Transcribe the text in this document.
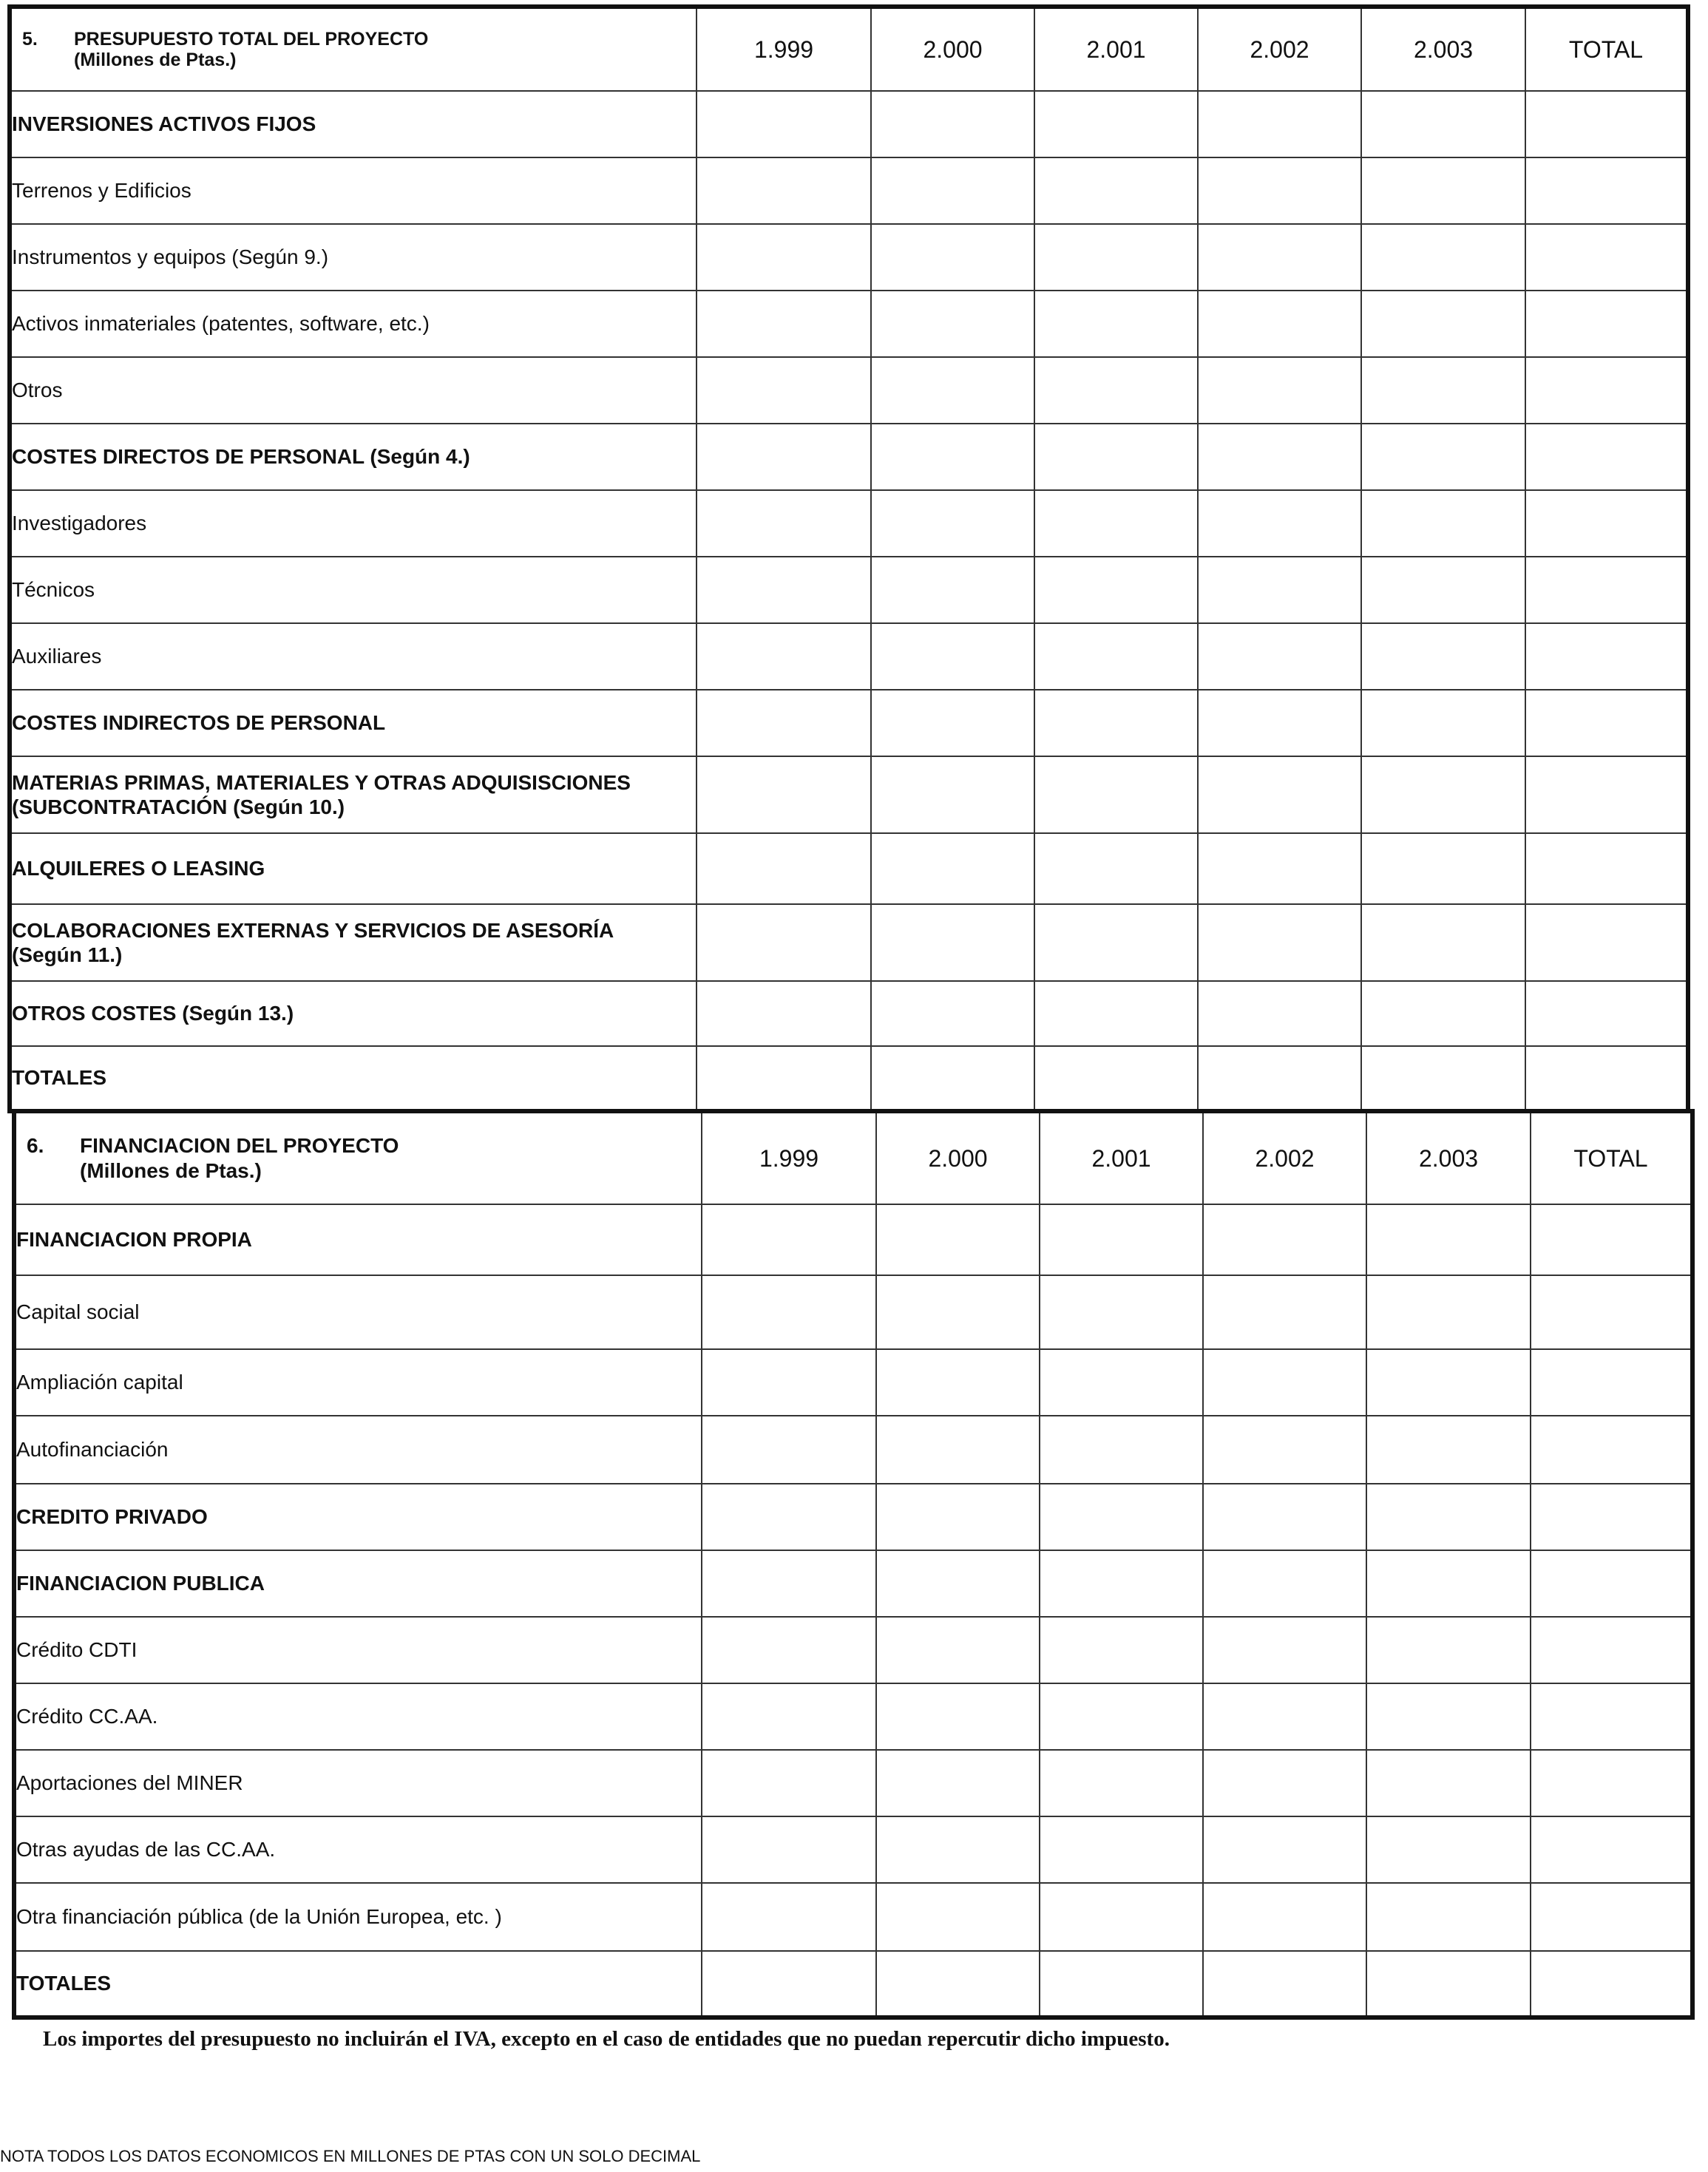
5. PRESUPUESTO TOTAL DEL PROYECTO
(Millones de Ptas.)	1.999	2.000	2.001	2.002	2.003	TOTAL
INVERSIONES ACTIVOS FIJOS						
Terrenos y Edificios						
Instrumentos y equipos (Según 9.)						
Activos inmateriales (patentes, software, etc.)						
Otros						
COSTES DIRECTOS DE PERSONAL (Según 4.)						
Investigadores						
Técnicos						
Auxiliares						
COSTES INDIRECTOS DE PERSONAL						
MATERIAS PRIMAS, MATERIALES Y OTRAS ADQUISISCIONES (SUBCONTRATACIÓN (Según 10.)						
ALQUILERES O LEASING						
COLABORACIONES EXTERNAS Y SERVICIOS DE ASESORÍA (Según 11.)						
OTROS COSTES (Según 13.)						
TOTALES						
6. FINANCIACION DEL PROYECTO
(Millones de Ptas.)	1.999	2.000	2.001	2.002	2.003	TOTAL
FINANCIACION PROPIA						
Capital social						
Ampliación capital						
Autofinanciación						
CREDITO PRIVADO						
FINANCIACION PUBLICA						
Crédito CDTI						
Crédito CC.AA.						
Aportaciones del MINER						
Otras ayudas de las CC.AA.						
Otra financiación pública (de la Unión Europea, etc. )						
TOTALES						
Los importes del presupuesto no incluirán el IVA, excepto en el caso de entidades que no puedan repercutir dicho impuesto.
NOTA TODOS LOS DATOS ECONOMICOS EN MILLONES DE PTAS CON UN SOLO DECIMAL
